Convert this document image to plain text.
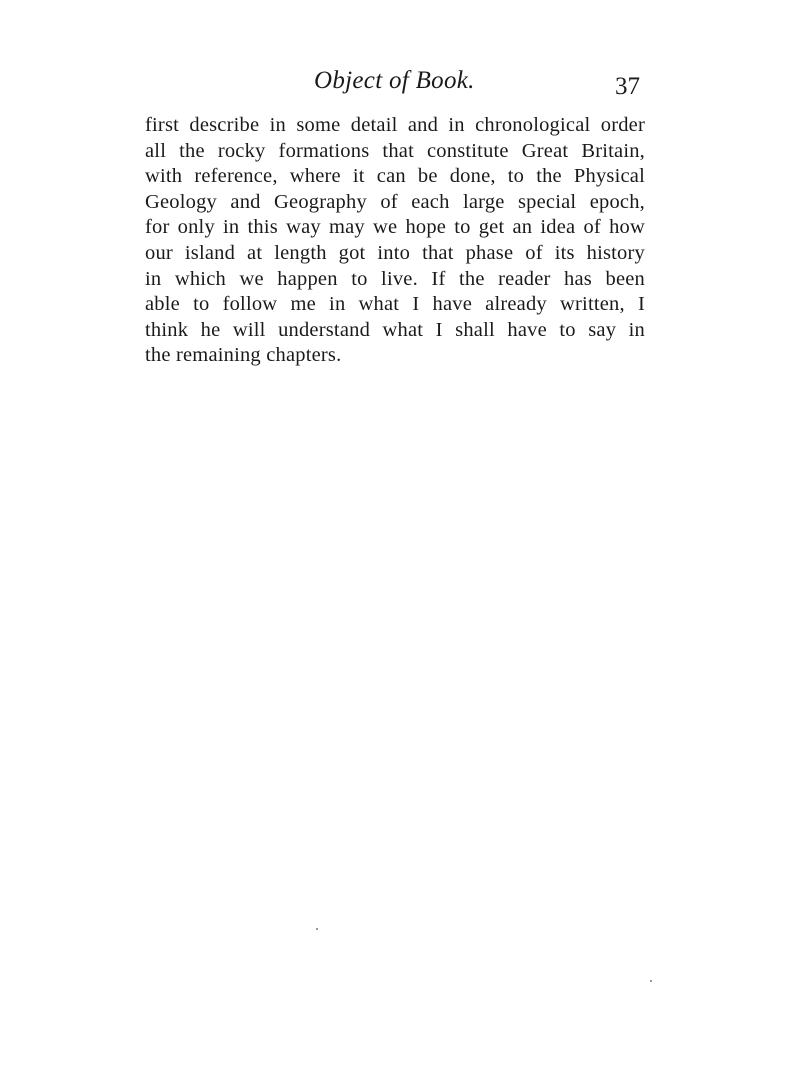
Object of Book.	37
first describe in some detail and in chronological order
all the rocky formations that constitute Great Britain,
with reference, where it can be done, to the Physical
Geology and Geography of each large special epoch,
for only in this way may we hope to get an idea of how
our island at length got into that phase of its history
in which we happen to live. If the reader has been
able to follow me in what I have already written, I
think he will understand what I shall have to say in
the remaining chapters.
